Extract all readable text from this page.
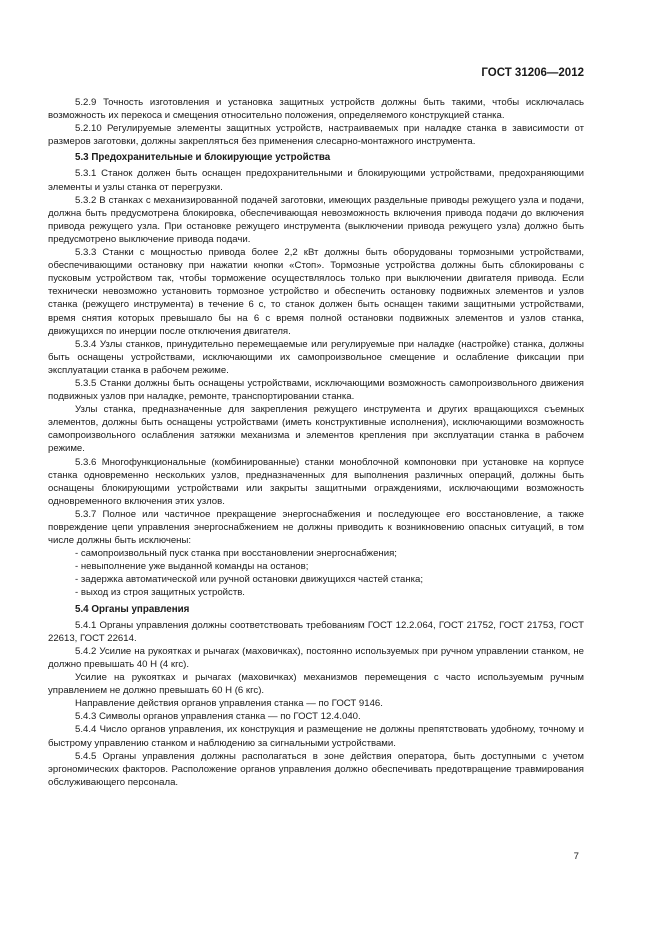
ГОСТ 31206—2012

5.2.9 Точность изготовления и установка защитных устройств должны быть такими, чтобы исключалась возможность их перекоса и смещения относительно положения, определяемого конструкцией станка.

5.2.10 Регулируемые элементы защитных устройств, настраиваемых при наладке станка в зависимости от размеров заготовки, должны закрепляться без применения слесарно-монтажного инструмента.

5.3 Предохранительные и блокирующие устройства

5.3.1 Станок должен быть оснащен предохранительными и блокирующими устройствами, предохраняющими элементы и узлы станка от перегрузки.

5.3.2 В станках с механизированной подачей заготовки, имеющих раздельные приводы режущего узла и подачи, должна быть предусмотрена блокировка, обеспечивающая невозможность включения привода подачи до включения привода режущего узла. При остановке режущего инструмента (выключении привода режущего узла) должно быть предусмотрено выключение привода подачи.

5.3.3 Станки с мощностью привода более 2,2 кВт должны быть оборудованы тормозными устройствами, обеспечивающими остановку при нажатии кнопки «Стоп». Тормозные устройства должны быть сблокированы с пусковым устройством так, чтобы торможение осуществлялось только при выключении двигателя привода. Если технически невозможно установить тормозное устройство и обеспечить остановку подвижных элементов и узлов станка (режущего инструмента) в течение 6 с, то станок должен быть оснащен такими защитными устройствами, время снятия которых превышало бы на 6 с время полной остановки подвижных элементов и узлов станка, движущихся по инерции после отключения двигателя.

5.3.4 Узлы станков, принудительно перемещаемые или регулируемые при наладке (настройке) станка, должны быть оснащены устройствами, исключающими их самопроизвольное смещение и ослабление фиксации при эксплуатации станка в рабочем режиме.

5.3.5 Станки должны быть оснащены устройствами, исключающими возможность самопроизвольного движения подвижных узлов при наладке, ремонте, транспортировании станка.

Узлы станка, предназначенные для закрепления режущего инструмента и других вращающихся съемных элементов, должны быть оснащены устройствами (иметь конструктивные исполнения), исключающими возможность самопроизвольного ослабления затяжки механизма и элементов крепления при эксплуатации станка в рабочем режиме.

5.3.6 Многофункциональные (комбинированные) станки моноблочной компоновки при установке на корпусе станка одновременно нескольких узлов, предназначенных для выполнения различных операций, должны быть оснащены блокирующими устройствами или закрыты защитными ограждениями, исключающими возможность одновременного включения этих узлов.

5.3.7 Полное или частичное прекращение энергоснабжения и последующее его восстановление, а также повреждение цепи управления энергоснабжением не должны приводить к возникновению опасных ситуаций, в том числе должны быть исключены:

- самопроизвольный пуск станка при восстановлении энергоснабжения;

- невыполнение уже выданной команды на останов;

- задержка автоматической или ручной остановки движущихся частей станка;

- выход из строя защитных устройств.

5.4 Органы управления

5.4.1 Органы управления должны соответствовать требованиям ГОСТ 12.2.064, ГОСТ 21752, ГОСТ 21753, ГОСТ 22613, ГОСТ 22614.

5.4.2 Усилие на рукоятках и рычагах (маховичках), постоянно используемых при ручном управлении станком, не должно превышать 40 Н (4 кгс).

Усилие на рукоятках и рычагах (маховичках) механизмов перемещения с часто используемым ручным управлением не должно превышать 60 Н (6 кгс).

Направление действия органов управления станка — по ГОСТ 9146.

5.4.3 Символы органов управления станка — по ГОСТ 12.4.040.

5.4.4 Число органов управления, их конструкция и размещение не должны препятствовать удобному, точному и быстрому управлению станком и наблюдению за сигнальными устройствами.

5.4.5 Органы управления должны располагаться в зоне действия оператора, быть доступными с учетом эргономических факторов. Расположение органов управления должно обеспечивать предотвращение травмирования обслуживающего персонала.

7
